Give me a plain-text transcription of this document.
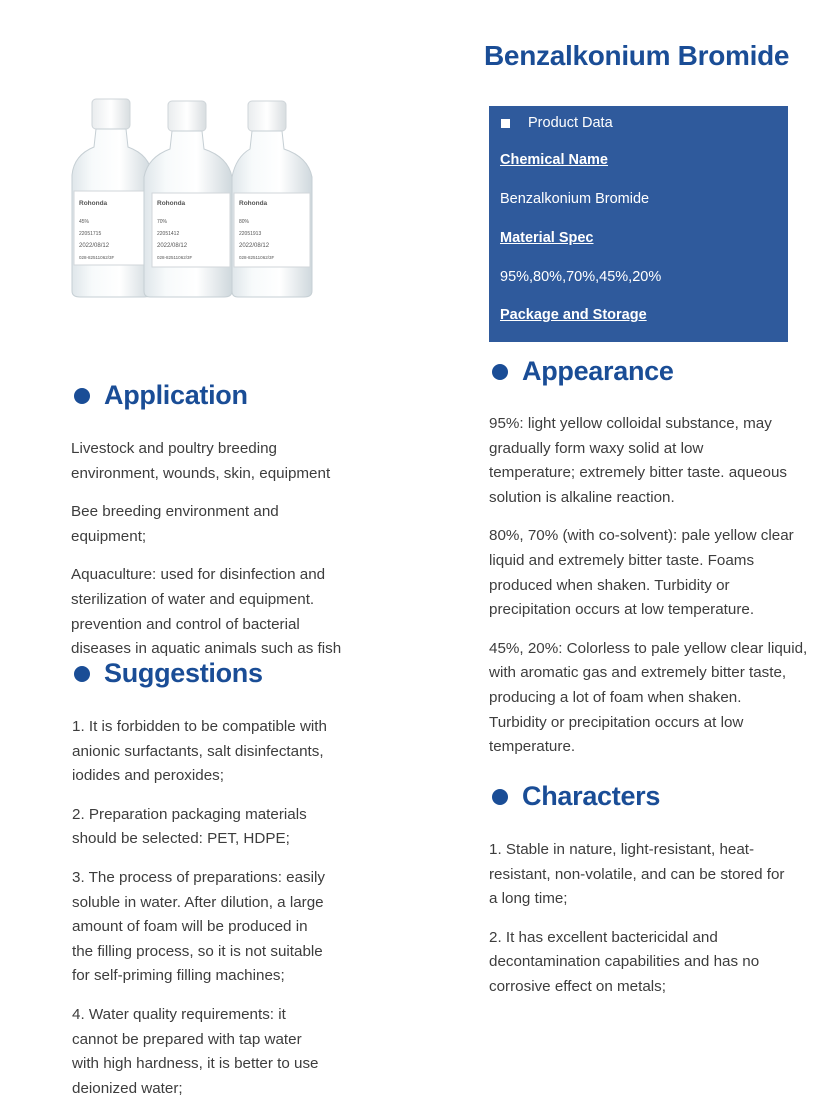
Benzalkonium Bromide
Rohonda
45%
22051715
2022/08/12
028-82511062/3F
Rohonda
70%
22051412
2022/08/12
028-82511062/3F
Rohonda
80%
22051913
2022/08/12
028-82511062/3F
Product Data
Chemical Name
Benzalkonium Bromide
Material Spec
95%,80%,70%,45%,20%
Package and Storage
Application
Livestock and poultry breeding
environment, wounds, skin, equipment
Bee breeding environment and
equipment;
Aquaculture: used for disinfection and
sterilization of water and equipment.
prevention and control of bacterial
diseases in aquatic animals such as fish
Suggestions
1. It is forbidden to be compatible with
anionic surfactants, salt disinfectants,
iodides and peroxides;
2. Preparation packaging materials
should be selected: PET, HDPE;
3. The process of preparations: easily
soluble in water. After dilution, a large
amount of foam will be produced in
the filling process, so it is not suitable
for self-priming filling machines;
4. Water quality requirements: it
cannot be prepared with tap water
with high hardness, it is better to use
deionized water;
Appearance
95%: light yellow colloidal substance, may
gradually form waxy solid at low
temperature; extremely bitter taste. aqueous
solution is alkaline reaction.
80%, 70% (with co-solvent): pale yellow clear
liquid and extremely bitter taste. Foams
produced when shaken. Turbidity or
precipitation occurs at low temperature.
45%, 20%: Colorless to pale yellow clear liquid,
with aromatic gas and extremely bitter taste,
producing a lot of foam when shaken.
Turbidity or precipitation occurs at low
temperature.
Characters
1. Stable in nature, light-resistant, heat-
resistant, non-volatile, and can be stored for
a long time;
2. It has excellent bactericidal and
decontamination capabilities and has no
corrosive effect on metals;
